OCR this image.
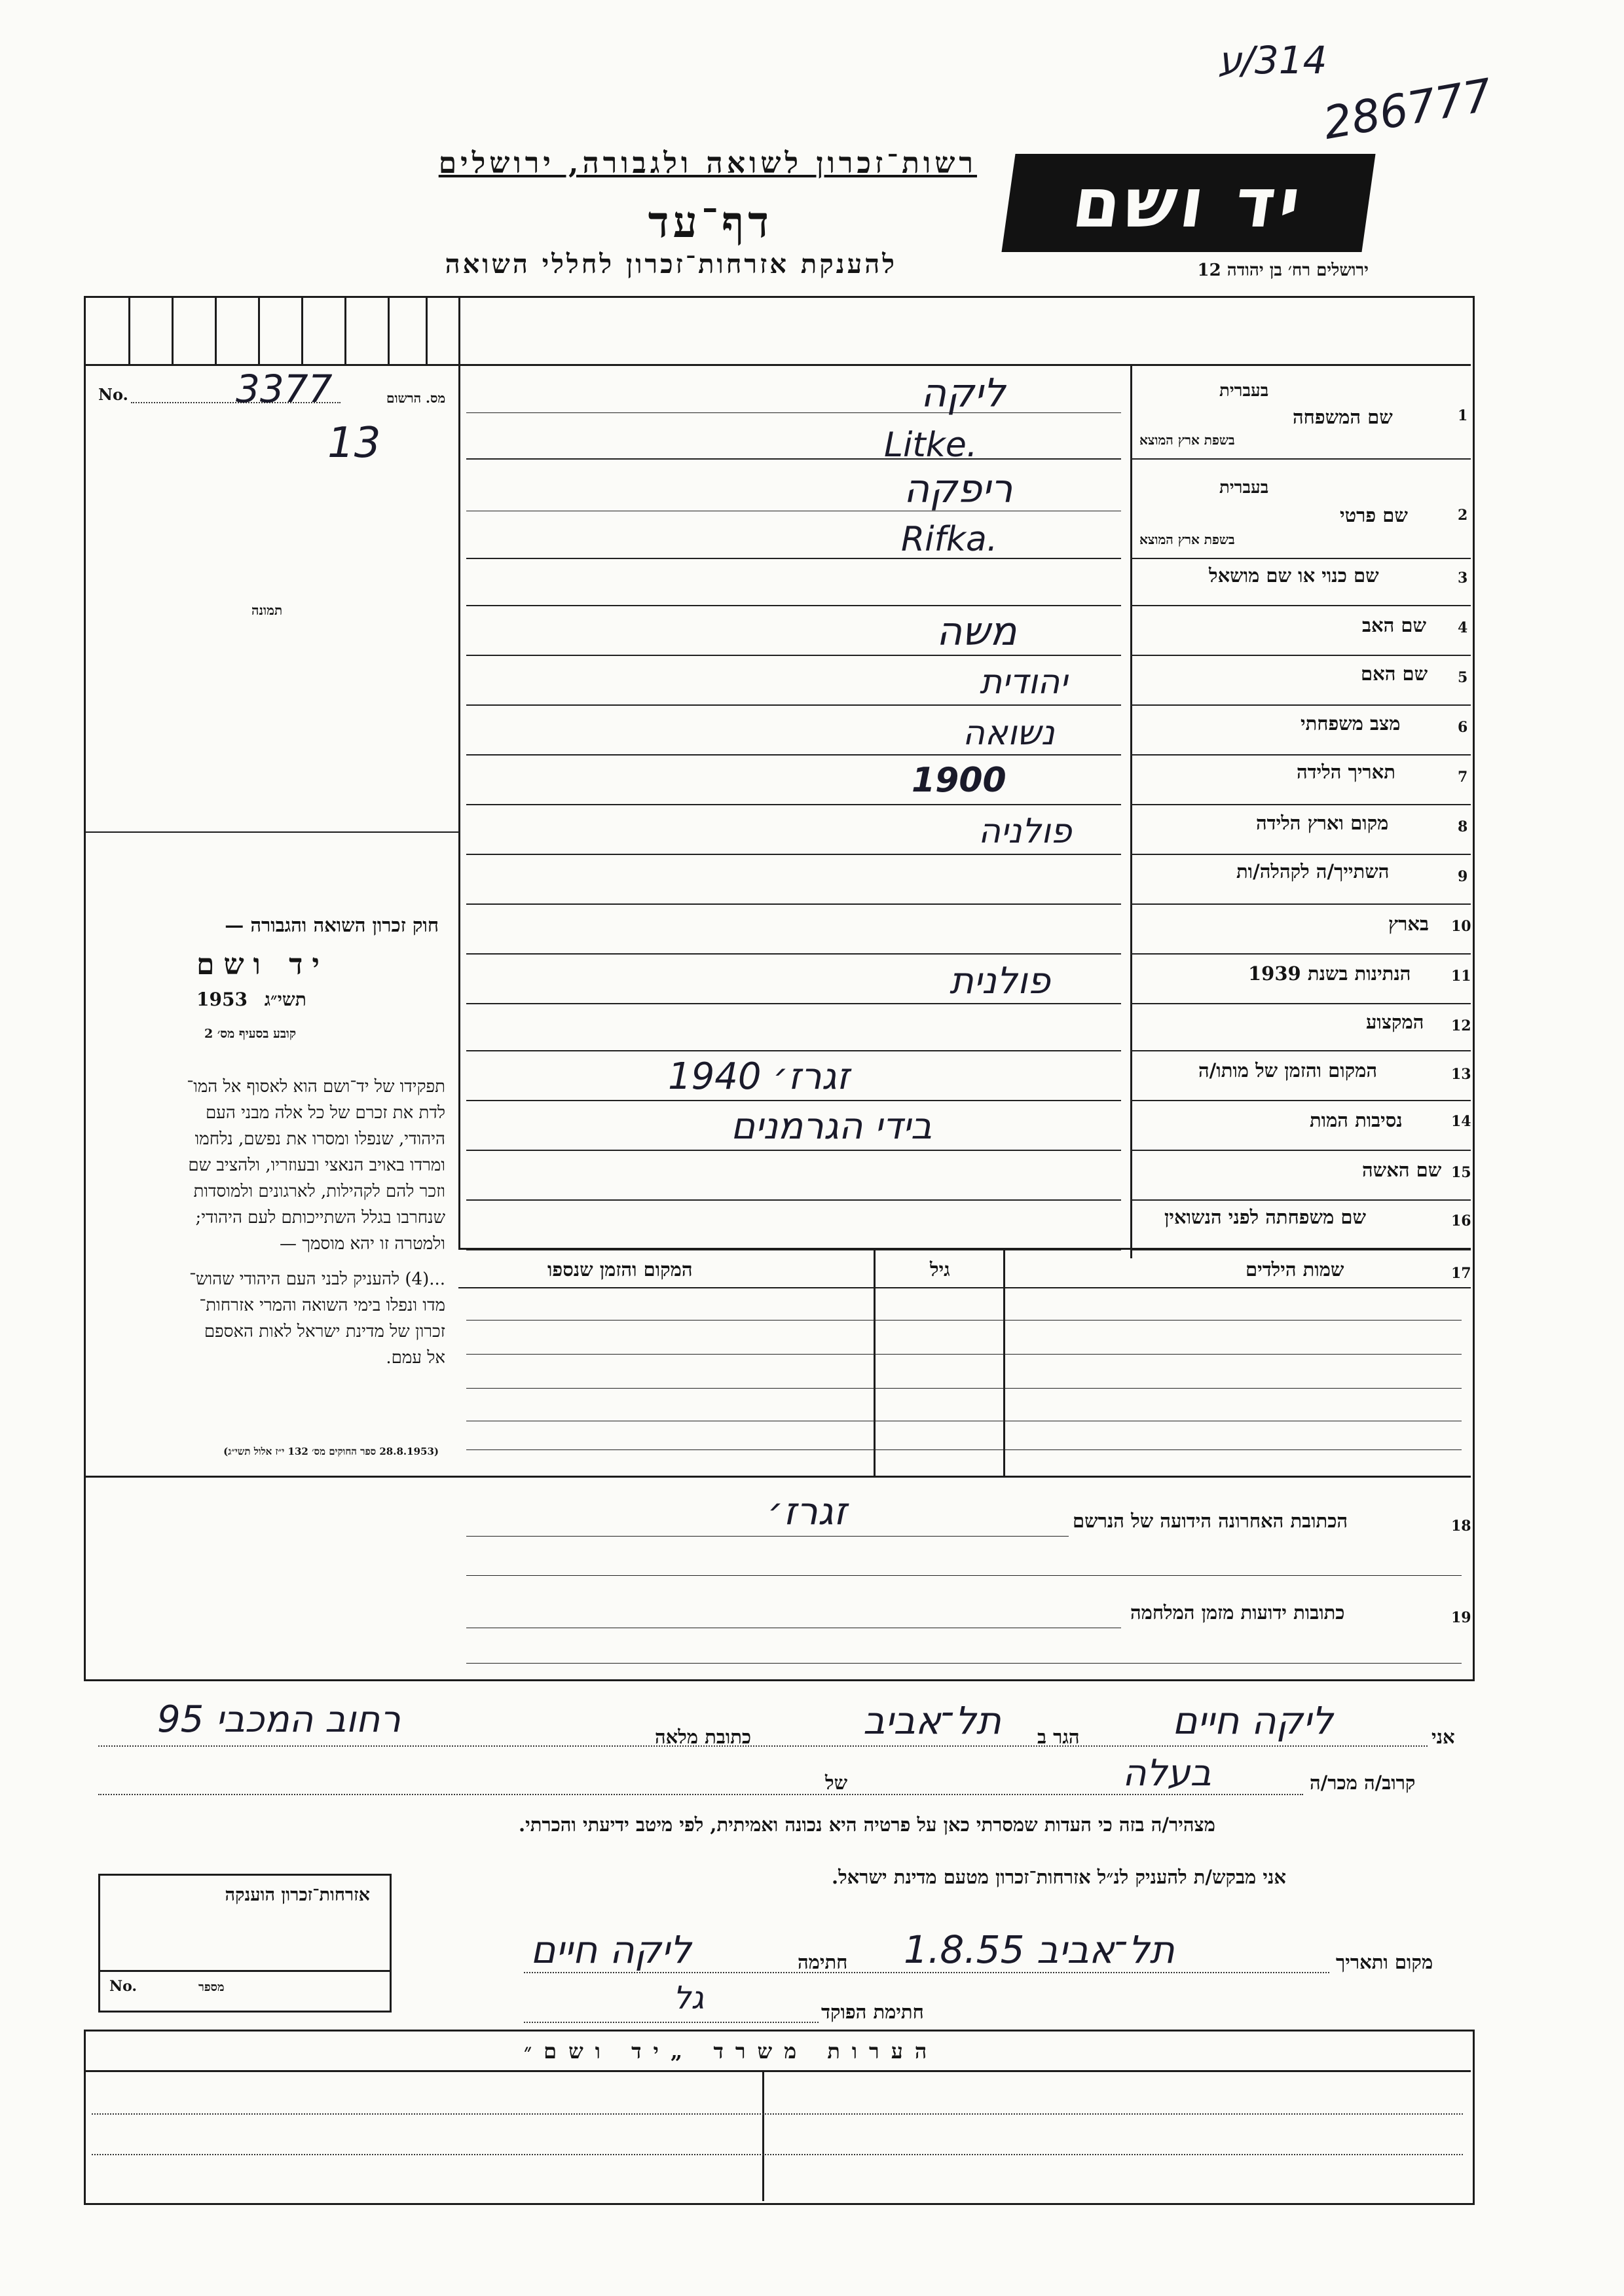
314/ע
286777
רשות־זכרון לשואה ולגבורה, ירושלים
דף־עד
להענקת אזרחות־זכרון לחללי השואה
יד ושם
ירושלים רח׳ בן יהודה 12
No.	מס. הרשום
3377
13
תמונה
חוק זכרון השואה והגבורה —
יד ושם
1953 תשי״ג
קובע בסעיף מס׳ 2
תפקידו של יד־ושם הוא לאסוף אל המו־
לדת את זכרם של כל אלה מבני העם
היהודי, שנפלו ומסרו את נפשם, נלחמו
ומרדו באויב הנאצי ובעוזריו, ולהציב שם
וזכר להם לקהילות, לארגונים ולמוסדות
שנחרבו בגלל השתייכותם לעם היהודי;
ולמטרה זו יהא מוסמך —
...(4) להעניק לבני העם היהודי שהוש־
מדו ונפלו בימי השואה והמרי אזרחות־
זכרון של מדינת ישראל לאות האספם
אל עמם.
(28.8.1953 ספר החוקים מס׳ 132 י״ז אלול תשי״ג)
1
בעברית
שם המשפחה
בשפת ארץ המוצא
ליקה
Litke.
2
בעברית
שם פרטי
בשפת ארץ המוצא
ריפקה
Rifka.
3
שם כנוי או שם מושאל
4
שם האב
משה
5
שם האם
יהודית
6
מצב משפחתי
נשואה
7
תאריך הלידה
1900
8
מקום וארץ הלידה
פולניה
9
השתייך/ה לקהלה/ות
10
בארץ
11
הנתינות בשנת 1939
פולנית
12
המקצוע
13
המקום והזמן של מותו/ה
זגרז׳ 1940
14
נסיבות המות
בידי הגרמנים
15
שם האשה
16
שם משפחתה לפני הנשואין
17
שמות הילדים
גיל
המקום והזמן שנספו
18
הכתובת האחרונה הידועה של הנרשם
זגרז׳
19
כתובות ידועות מזמן המלחמה
אני
ליקה חיים
הגר ב
תל־אביב
כתובת מלאה
רחוב המכבי 95
קרוב/ה מכר/ה
בעלה
של
מצהיר/ה בזה כי העדות שמסרתי כאן על פרטיה היא נכונה ואמיתית, לפי מיטב ידיעתי והכרתי.
אני מבקש/ת להעניק לנ״ל אזרחות־זכרון מטעם מדינת ישראל.
מקום ותאריך
תל־אביב 1.8.55
חתימה
ליקה חיים
חתימת הפוקד
גל
אזרחות־זכרון הוענקה
No.	מספר
הערות משרד „יד ושם״
